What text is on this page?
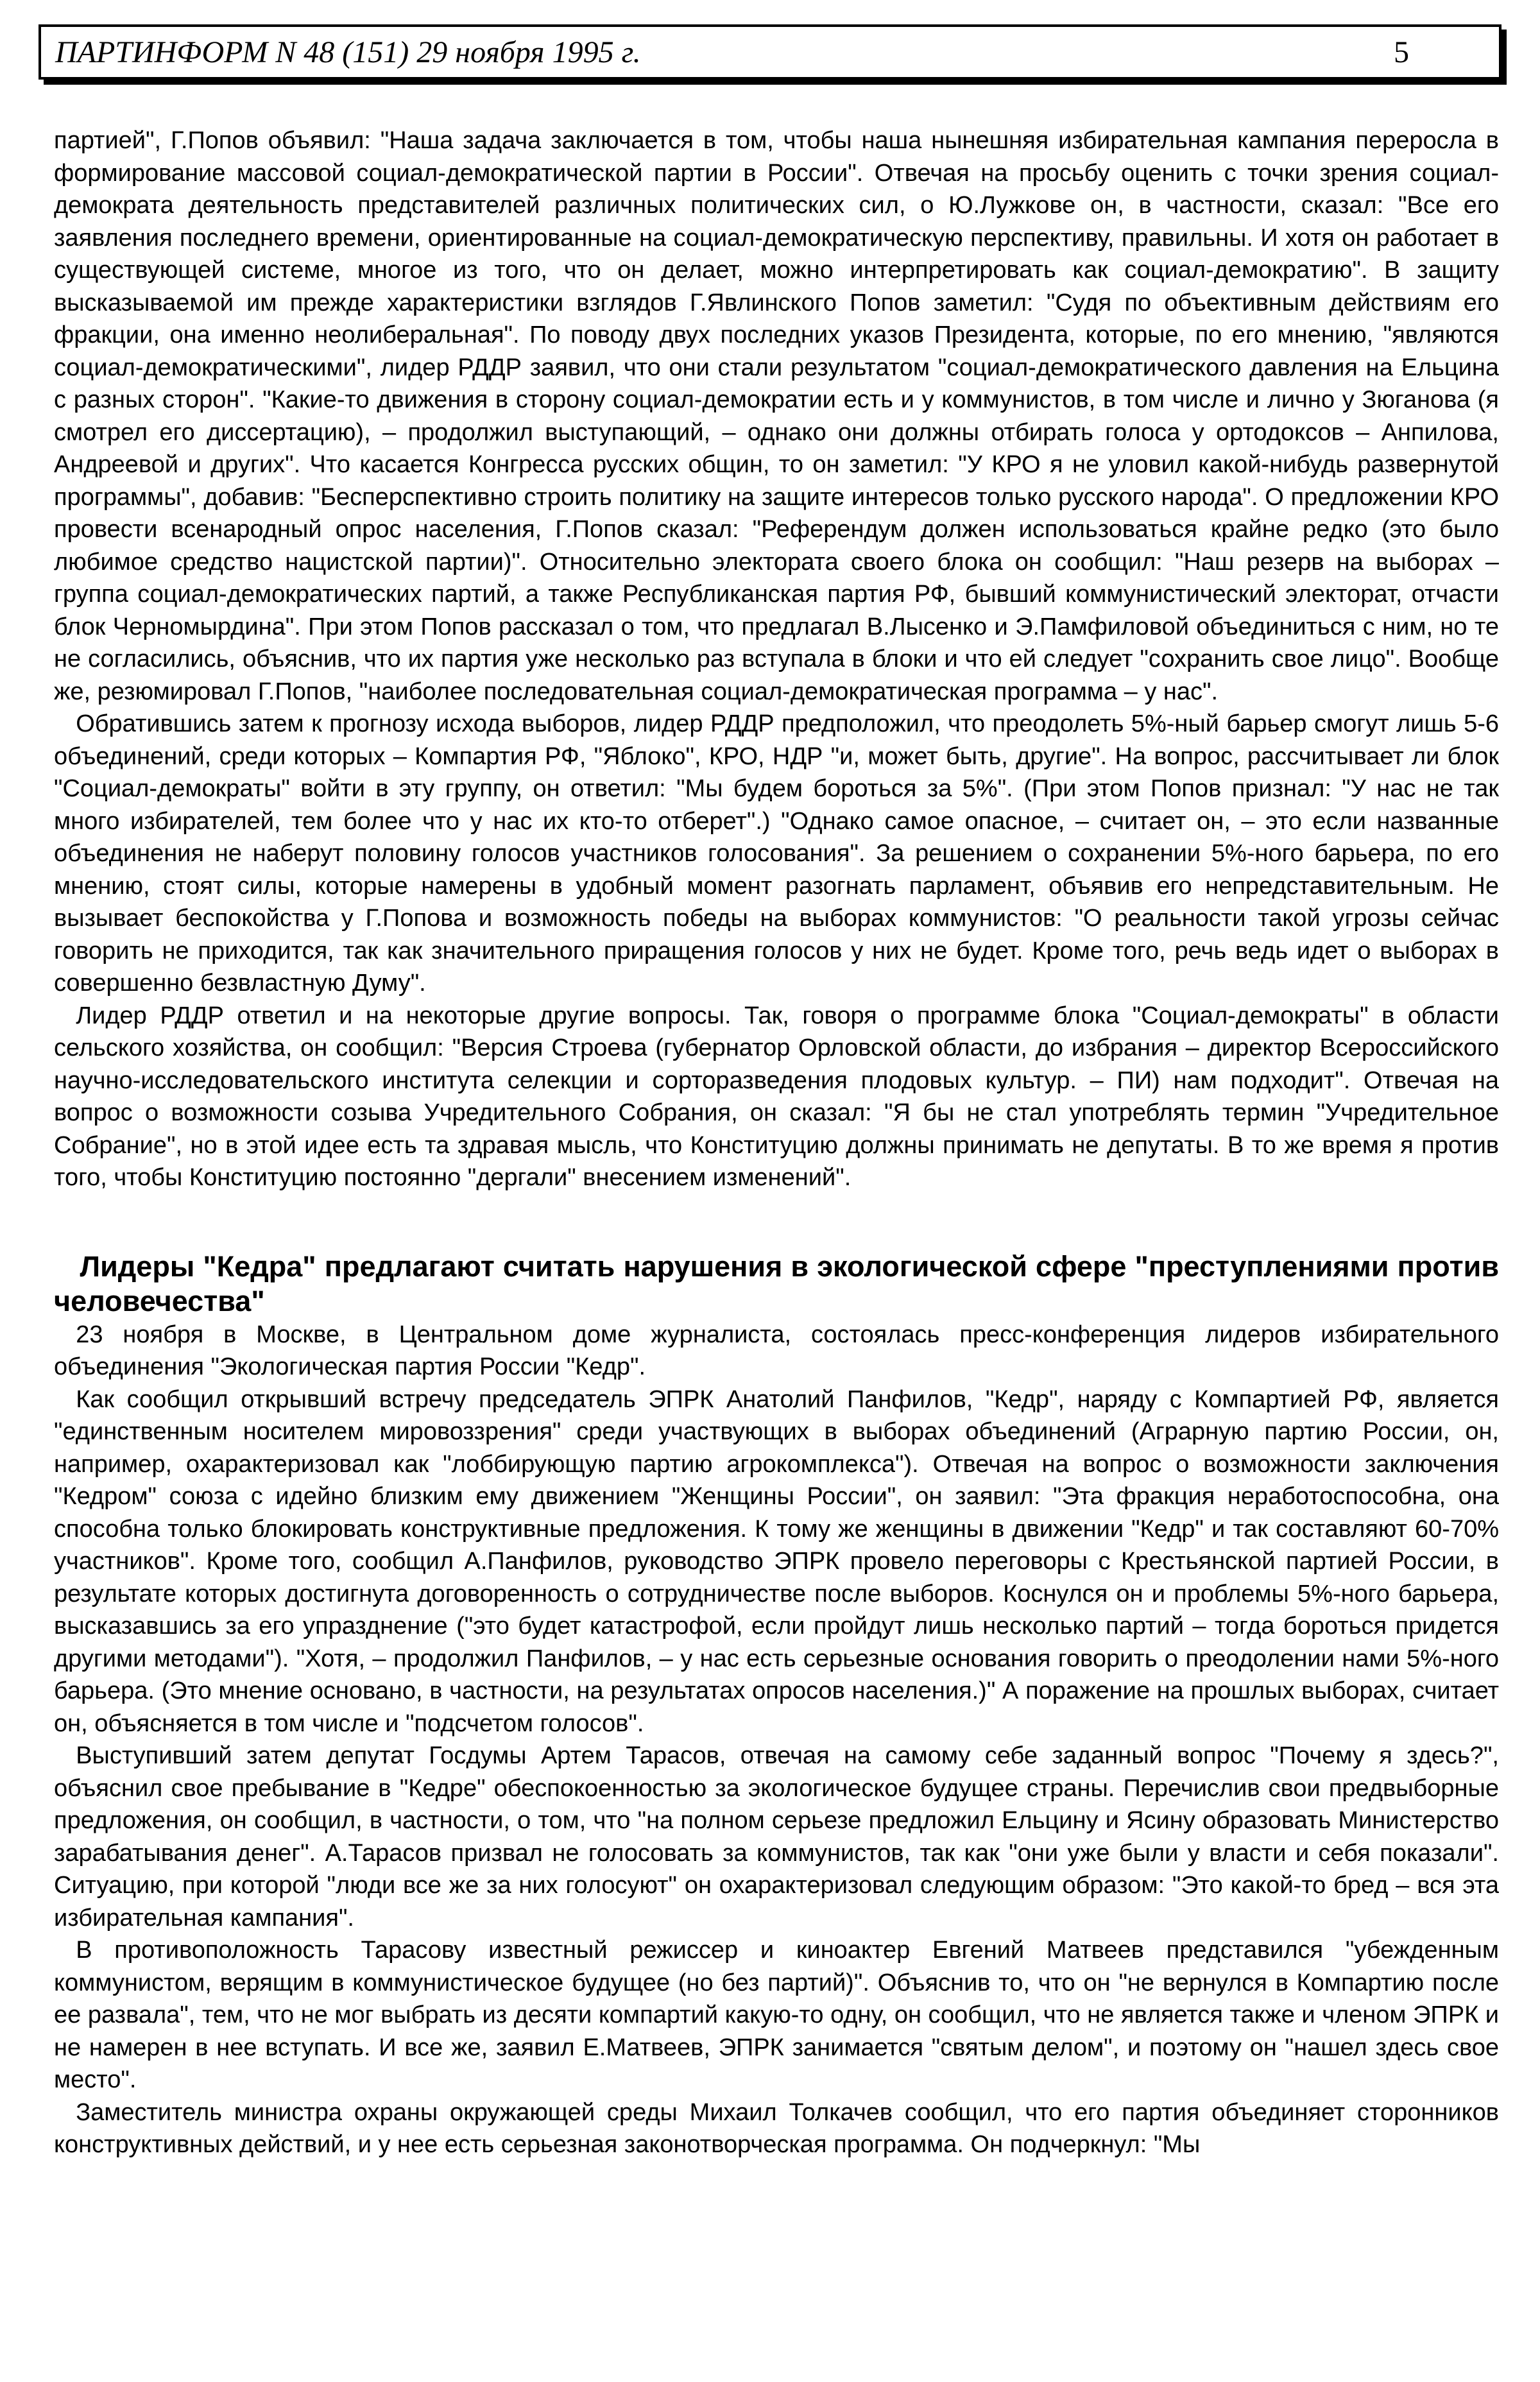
ПАРТИНФОРМ N 48 (151) 29 ноября 1995 г.	5

партией", Г.Попов объявил: "Наша задача заключается в том, чтобы наша нынешняя избирательная кампания переросла в формирование массовой социал-демократической партии в России". Отвечая на просьбу оценить с точки зрения социал-демократа деятельность представителей различных политических сил, о Ю.Лужкове он, в частности, сказал: "Все его заявления последнего времени, ориентированные на социал-демократическую перспективу, правильны. И хотя он работает в существующей системе, многое из того, что он делает, можно интерпретировать как социал-демократию". В защиту высказываемой им прежде характеристики взглядов Г.Явлинского Попов заметил: "Судя по объективным действиям его фракции, она именно неолиберальная". По поводу двух последних указов Президента, которые, по его мнению, "являются социал-демократическими", лидер РДДР заявил, что они стали результатом "социал-демократического давления на Ельцина с разных сторон". "Какие-то движения в сторону социал-демократии есть и у коммунистов, в том числе и лично у Зюганова (я смотрел его диссертацию), – продолжил выступающий, – однако они должны отбирать голоса у ортодоксов – Анпилова, Андреевой и других". Что касается Конгресса русских общин, то он заметил: "У КРО я не уловил какой-нибудь развернутой программы", добавив: "Бесперспективно строить политику на защите интересов только русского народа". О предложении КРО провести всенародный опрос населения, Г.Попов сказал: "Референдум должен использоваться крайне редко (это было любимое средство нацистской партии)". Относительно электората своего блока он сообщил: "Наш резерв на выборах – группа социал-демократических партий, а также Республиканская партия РФ, бывший коммунистический электорат, отчасти блок Черномырдина". При этом Попов рассказал о том, что предлагал В.Лысенко и Э.Памфиловой объединиться с ним, но те не согласились, объяснив, что их партия уже несколько раз вступала в блоки и что ей следует "сохранить свое лицо". Вообще же, резюмировал Г.Попов, "наиболее последовательная социал-демократическая программа – у нас".

Обратившись затем к прогнозу исхода выборов, лидер РДДР предположил, что преодолеть 5%-ный барьер смогут лишь 5-6 объединений, среди которых – Компартия РФ, "Яблоко", КРО, НДР "и, может быть, другие". На вопрос, рассчитывает ли блок "Социал-демократы" войти в эту группу, он ответил: "Мы будем бороться за 5%". (При этом Попов признал: "У нас не так много избирателей, тем более что у нас их кто-то отберет".) "Однако самое опасное, – считает он, – это если названные объединения не наберут половину голосов участников голосования". За решением о сохранении 5%-ного барьера, по его мнению, стоят силы, которые намерены в удобный момент разогнать парламент, объявив его непредставительным. Не вызывает беспокойства у Г.Попова и возможность победы на выборах коммунистов: "О реальности такой угрозы сейчас говорить не приходится, так как значительного приращения голосов у них не будет. Кроме того, речь ведь идет о выборах в совершенно безвластную Думу".

Лидер РДДР ответил и на некоторые другие вопросы. Так, говоря о программе блока "Социал-демократы" в области сельского хозяйства, он сообщил: "Версия Строева (губернатор Орловской области, до избрания – директор Всероссийского научно-исследовательского института селекции и сорторазведения плодовых культур. – ПИ) нам подходит". Отвечая на вопрос о возможности созыва Учредительного Собрания, он сказал: "Я бы не стал употреблять термин "Учредительное Собрание", но в этой идее есть та здравая мысль, что Конституцию должны принимать не депутаты. В то же время я против того, чтобы Конституцию постоянно "дергали" внесением изменений".

Лидеры "Кедра" предлагают считать нарушения в экологической сфере "преступлениями против человечества"

23 ноября в Москве, в Центральном доме журналиста, состоялась пресс-конференция лидеров избирательного объединения "Экологическая партия России "Кедр".

Как сообщил открывший встречу председатель ЭПРК Анатолий Панфилов, "Кедр", наряду с Компартией РФ, является "единственным носителем мировоззрения" среди участвующих в выборах объединений (Аграрную партию России, он, например, охарактеризовал как "лоббирующую партию агрокомплекса"). Отвечая на вопрос о возможности заключения "Кедром" союза с идейно близким ему движением "Женщины России", он заявил: "Эта фракция неработоспособна, она способна только блокировать конструктивные предложения. К тому же женщины в движении "Кедр" и так составляют 60-70% участников". Кроме того, сообщил А.Панфилов, руководство ЭПРК провело переговоры с Крестьянской партией России, в результате которых достигнута договоренность о сотрудничестве после выборов. Коснулся он и проблемы 5%-ного барьера, высказавшись за его упразднение ("это будет катастрофой, если пройдут лишь несколько партий – тогда бороться придется другими методами"). "Хотя, – продолжил Панфилов, – у нас есть серьезные основания говорить о преодолении нами 5%-ного барьера. (Это мнение основано, в частности, на результатах опросов населения.)" А поражение на прошлых выборах, считает он, объясняется в том числе и "подсчетом голосов".

Выступивший затем депутат Госдумы Артем Тарасов, отвечая на самому себе заданный вопрос "Почему я здесь?", объяснил свое пребывание в "Кедре" обеспокоенностью за экологическое будущее страны. Перечислив свои предвыборные предложения, он сообщил, в частности, о том, что "на полном серьезе предложил Ельцину и Ясину образовать Министерство зарабатывания денег". А.Тарасов призвал не голосовать за коммунистов, так как "они уже были у власти и себя показали". Ситуацию, при которой "люди все же за них голосуют" он охарактеризовал следующим образом: "Это какой-то бред – вся эта избирательная кампания".

В противоположность Тарасову известный режиссер и киноактер Евгений Матвеев представился "убежденным коммунистом, верящим в коммунистическое будущее (но без партий)". Объяснив то, что он "не вернулся в Компартию после ее развала", тем, что не мог выбрать из десяти компартий какую-то одну, он сообщил, что не является также и членом ЭПРК и не намерен в нее вступать. И все же, заявил Е.Матвеев, ЭПРК занимается "святым делом", и поэтому он "нашел здесь свое место".

Заместитель министра охраны окружающей среды Михаил Толкачев сообщил, что его партия объединяет сторонников конструктивных действий, и у нее есть серьезная законотворческая программа. Он подчеркнул: "Мы
